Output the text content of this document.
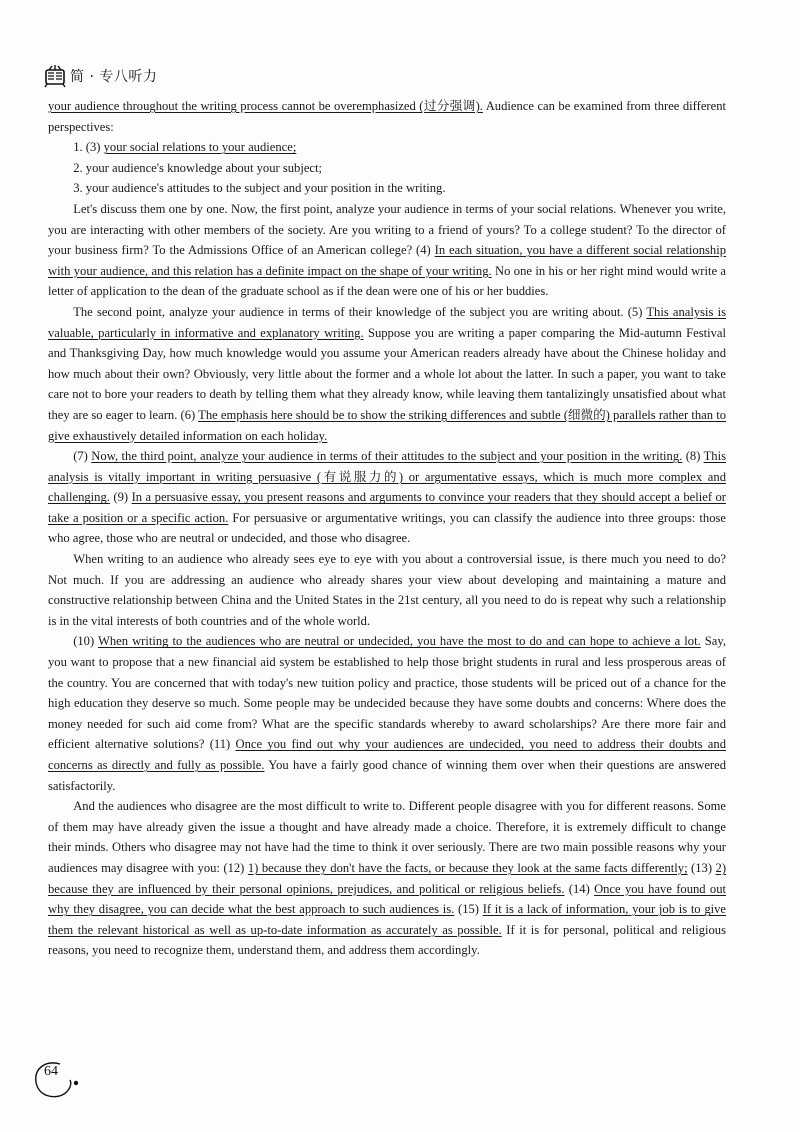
简 · 专八听力

your audience throughout the writing process cannot be overemphasized (过分强调). Audience can be examined from three different perspectives:

1. (3) your social relations to your audience;

2. your audience's knowledge about your subject;

3. your audience's attitudes to the subject and your position in the writing.

Let's discuss them one by one. Now, the first point, analyze your audience in terms of your social relations. Whenever you write, you are interacting with other members of the society. Are you writing to a friend of yours? To a college student? To the director of your business firm? To the Admissions Office of an American college? (4) In each situation, you have a different social relationship with your audience, and this relation has a definite impact on the shape of your writing. No one in his or her right mind would write a letter of application to the dean of the graduate school as if the dean were one of his or her buddies.

The second point, analyze your audience in terms of their knowledge of the subject you are writing about. (5) This analysis is valuable, particularly in informative and explanatory writing. Suppose you are writing a paper comparing the Mid-autumn Festival and Thanksgiving Day, how much knowledge would you assume your American readers already have about the Chinese holiday and how much about their own? Obviously, very little about the former and a whole lot about the latter. In such a paper, you want to take care not to bore your readers to death by telling them what they already know, while leaving them tantalizingly unsatisfied about what they are so eager to learn. (6) The emphasis here should be to show the striking differences and subtle (细微的) parallels rather than to give exhaustively detailed information on each holiday.

(7) Now, the third point, analyze your audience in terms of their attitudes to the subject and your position in the writing. (8) This analysis is vitally important in writing persuasive (有说服力的) or argumentative essays, which is much more complex and challenging. (9) In a persuasive essay, you present reasons and arguments to convince your readers that they should accept a belief or take a position or a specific action. For persuasive or argumentative writings, you can classify the audience into three groups: those who agree, those who are neutral or undecided, and those who disagree.

When writing to an audience who already sees eye to eye with you about a controversial issue, is there much you need to do? Not much. If you are addressing an audience who already shares your view about developing and maintaining a mature and constructive relationship between China and the United States in the 21st century, all you need to do is repeat why such a relationship is in the vital interests of both countries and of the whole world.

(10) When writing to the audiences who are neutral or undecided, you have the most to do and can hope to achieve a lot. Say, you want to propose that a new financial aid system be established to help those bright students in rural and less prosperous areas of the country. You are concerned that with today's new tuition policy and practice, those students will be priced out of a chance for the high education they deserve so much. Some people may be undecided because they have some doubts and concerns: Where does the money needed for such aid come from? What are the specific standards whereby to award scholarships? Are there more fair and efficient alternative solutions? (11) Once you find out why your audiences are undecided, you need to address their doubts and concerns as directly and fully as possible. You have a fairly good chance of winning them over when their questions are answered satisfactorily.

And the audiences who disagree are the most difficult to write to. Different people disagree with you for different reasons. Some of them may have already given the issue a thought and have already made a choice. Therefore, it is extremely difficult to change their minds. Others who disagree may not have had the time to think it over seriously. There are two main possible reasons why your audiences may disagree with you: (12) 1) because they don't have the facts, or because they look at the same facts differently; (13) 2) because they are influenced by their personal opinions, prejudices, and political or religious beliefs. (14) Once you have found out why they disagree, you can decide what the best approach to such audiences is. (15) If it is a lack of information, your job is to give them the relevant historical as well as up-to-date information as accurately as possible. If it is for personal, political and religious reasons, you need to recognize them, understand them, and address them accordingly.

64
